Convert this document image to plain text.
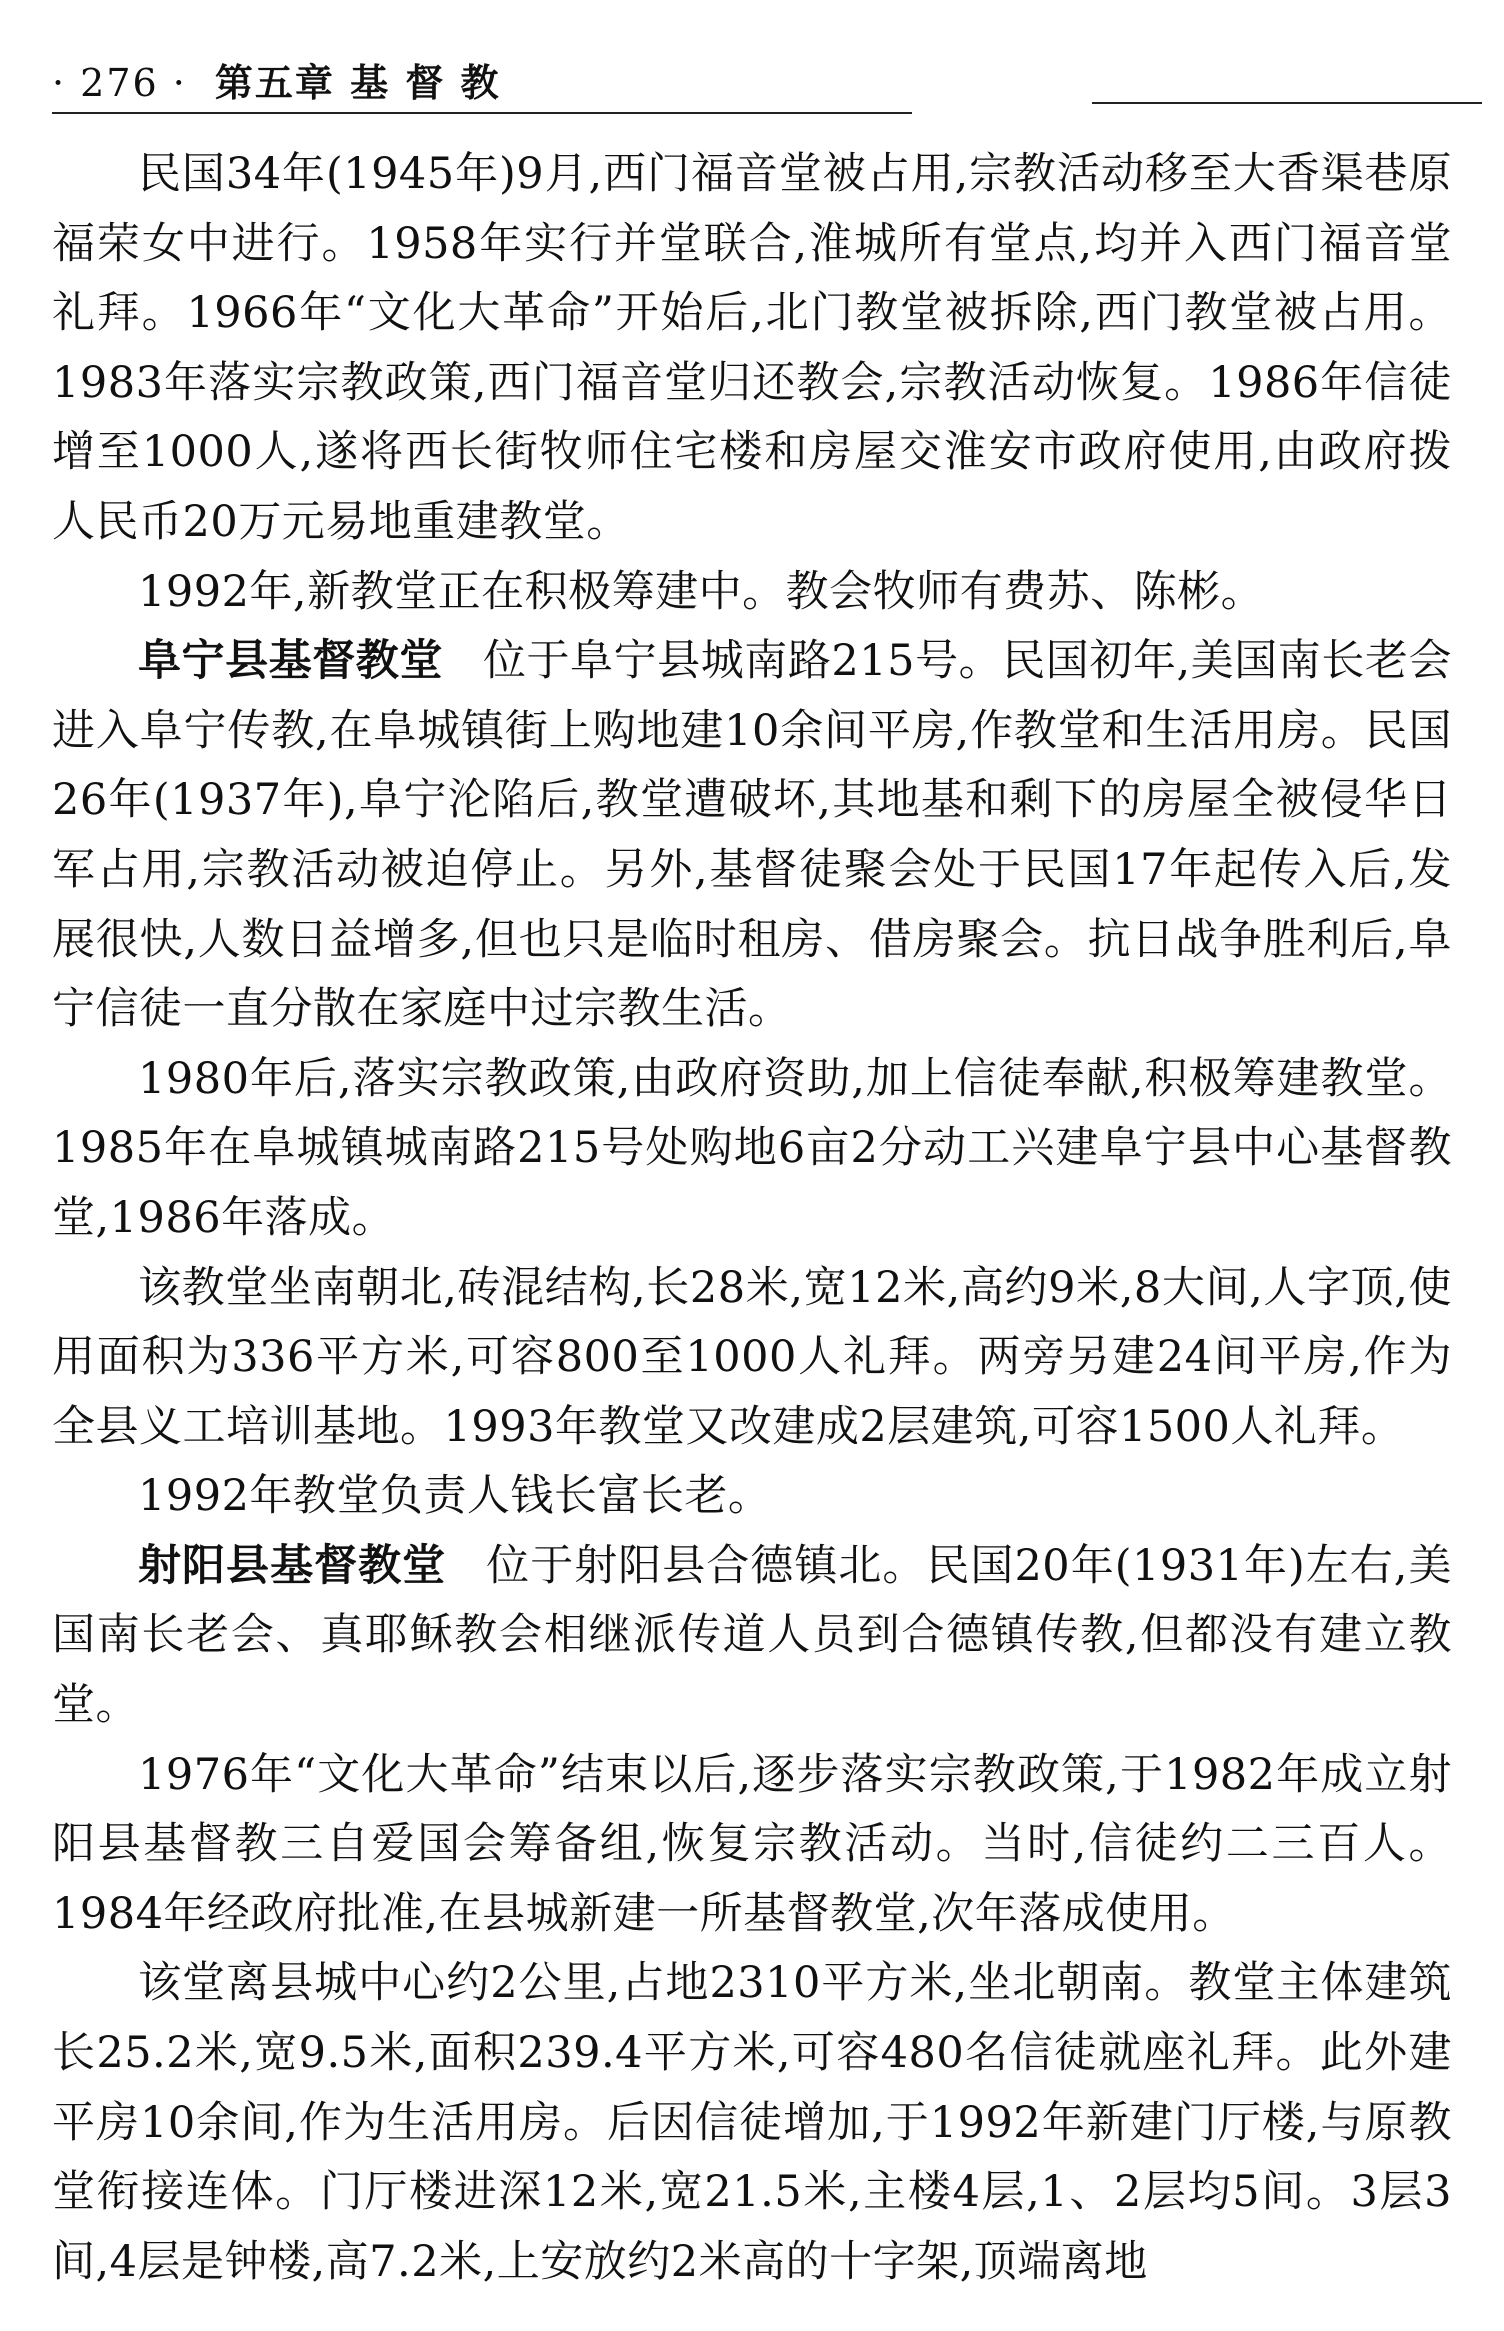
· 276 · 第五章 基 督 教

民国34年(1945年)9月,西门福音堂被占用,宗教活动移至大香渠巷原福荣女中进行。1958年实行并堂联合,淮城所有堂点,均并入西门福音堂礼拜。1966年“文化大革命”开始后,北门教堂被拆除,西门教堂被占用。1983年落实宗教政策,西门福音堂归还教会,宗教活动恢复。1986年信徒增至1000人,遂将西长街牧师住宅楼和房屋交淮安市政府使用,由政府拨人民币20万元易地重建教堂。

1992年,新教堂正在积极筹建中。教会牧师有费苏、陈彬。

阜宁县基督教堂 位于阜宁县城南路215号。民国初年,美国南长老会进入阜宁传教,在阜城镇街上购地建10余间平房,作教堂和生活用房。民国26年(1937年),阜宁沦陷后,教堂遭破坏,其地基和剩下的房屋全被侵华日军占用,宗教活动被迫停止。另外,基督徒聚会处于民国17年起传入后,发展很快,人数日益增多,但也只是临时租房、借房聚会。抗日战争胜利后,阜宁信徒一直分散在家庭中过宗教生活。

1980年后,落实宗教政策,由政府资助,加上信徒奉献,积极筹建教堂。1985年在阜城镇城南路215号处购地6亩2分动工兴建阜宁县中心基督教堂,1986年落成。

该教堂坐南朝北,砖混结构,长28米,宽12米,高约9米,8大间,人字顶,使用面积为336平方米,可容800至1000人礼拜。两旁另建24间平房,作为全县义工培训基地。1993年教堂又改建成2层建筑,可容1500人礼拜。

1992年教堂负责人钱长富长老。

射阳县基督教堂 位于射阳县合德镇北。民国20年(1931年)左右,美国南长老会、真耶稣教会相继派传道人员到合德镇传教,但都没有建立教堂。

1976年“文化大革命”结束以后,逐步落实宗教政策,于1982年成立射阳县基督教三自爱国会筹备组,恢复宗教活动。当时,信徒约二三百人。1984年经政府批准,在县城新建一所基督教堂,次年落成使用。

该堂离县城中心约2公里,占地2310平方米,坐北朝南。教堂主体建筑长25.2米,宽9.5米,面积239.4平方米,可容480名信徒就座礼拜。此外建平房10余间,作为生活用房。后因信徒增加,于1992年新建门厅楼,与原教堂衔接连体。门厅楼进深12米,宽21.5米,主楼4层,1、2层均5间。3层3间,4层是钟楼,高7.2米,上安放约2米高的十字架,顶端离地
